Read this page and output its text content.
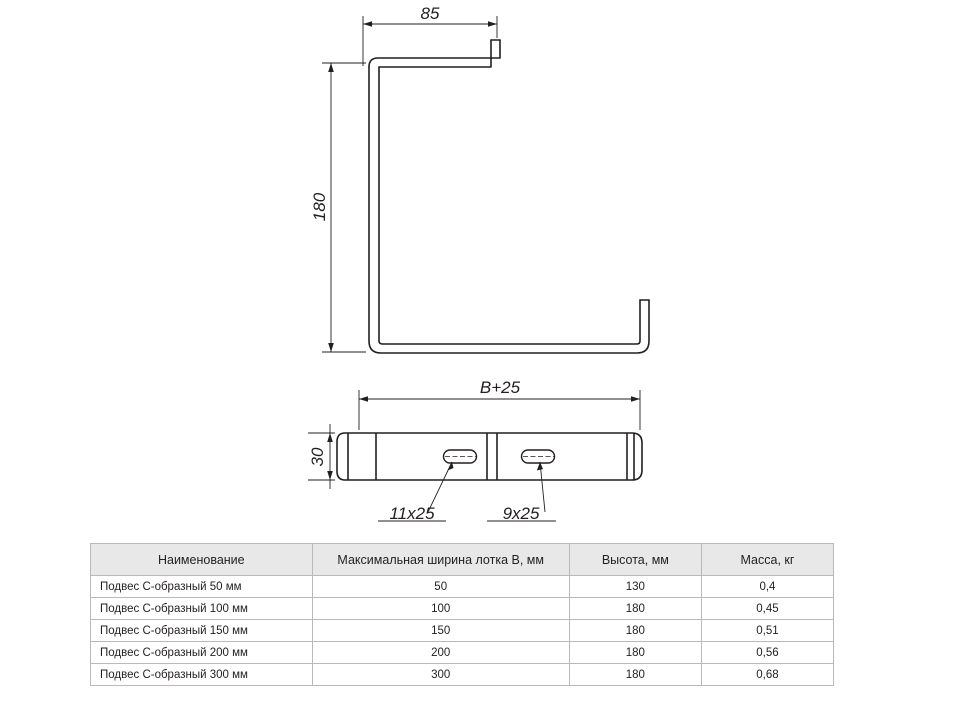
85
180
11x25	9x25
B+25
30
Наименование	Максимальная ширина лотка B, мм	Высота, мм	Масса, кг
Подвес С-образный 50 мм	50	130	0,4
Подвес С-образный 100 мм	100	180	0,45
Подвес С-образный 150 мм	150	180	0,51
Подвес С-образный 200 мм	200	180	0,56
Подвес С-образный 300 мм	300	180	0,68
